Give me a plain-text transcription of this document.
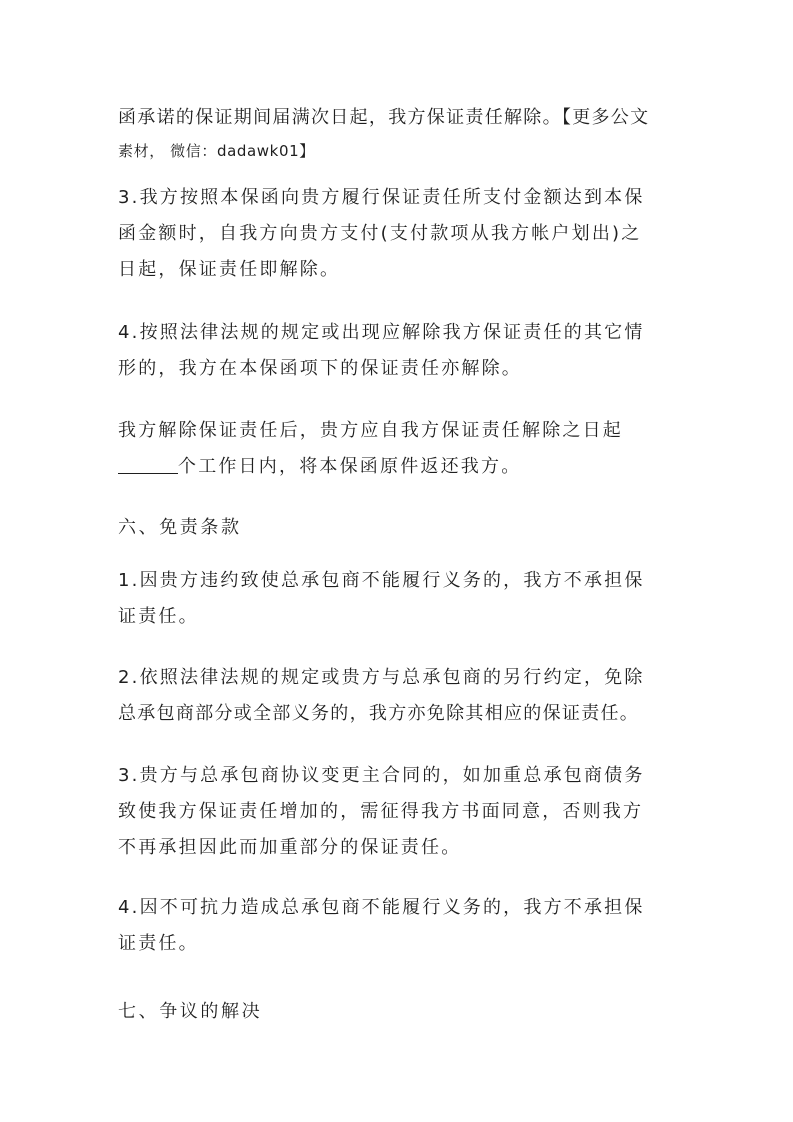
函承诺的保证期间届满次日起，我方保证责任解除。【更多公文
素材， 微信：dadawk01】

3.我方按照本保函向贵方履行保证责任所支付金额达到本保
函金额时，自我方向贵方支付(支付款项从我方帐户划出)之
日起，保证责任即解除。

4.按照法律法规的规定或出现应解除我方保证责任的其它情
形的，我方在本保函项下的保证责任亦解除。

我方解除保证责任后，贵方应自我方保证责任解除之日起
个工作日内，将本保函原件返还我方。

六、免责条款

1.因贵方违约致使总承包商不能履行义务的，我方不承担保
证责任。

2.依照法律法规的规定或贵方与总承包商的另行约定，免除
总承包商部分或全部义务的，我方亦免除其相应的保证责任。

3.贵方与总承包商协议变更主合同的，如加重总承包商债务
致使我方保证责任增加的，需征得我方书面同意，否则我方
不再承担因此而加重部分的保证责任。

4.因不可抗力造成总承包商不能履行义务的，我方不承担保
证责任。

七、争议的解决
